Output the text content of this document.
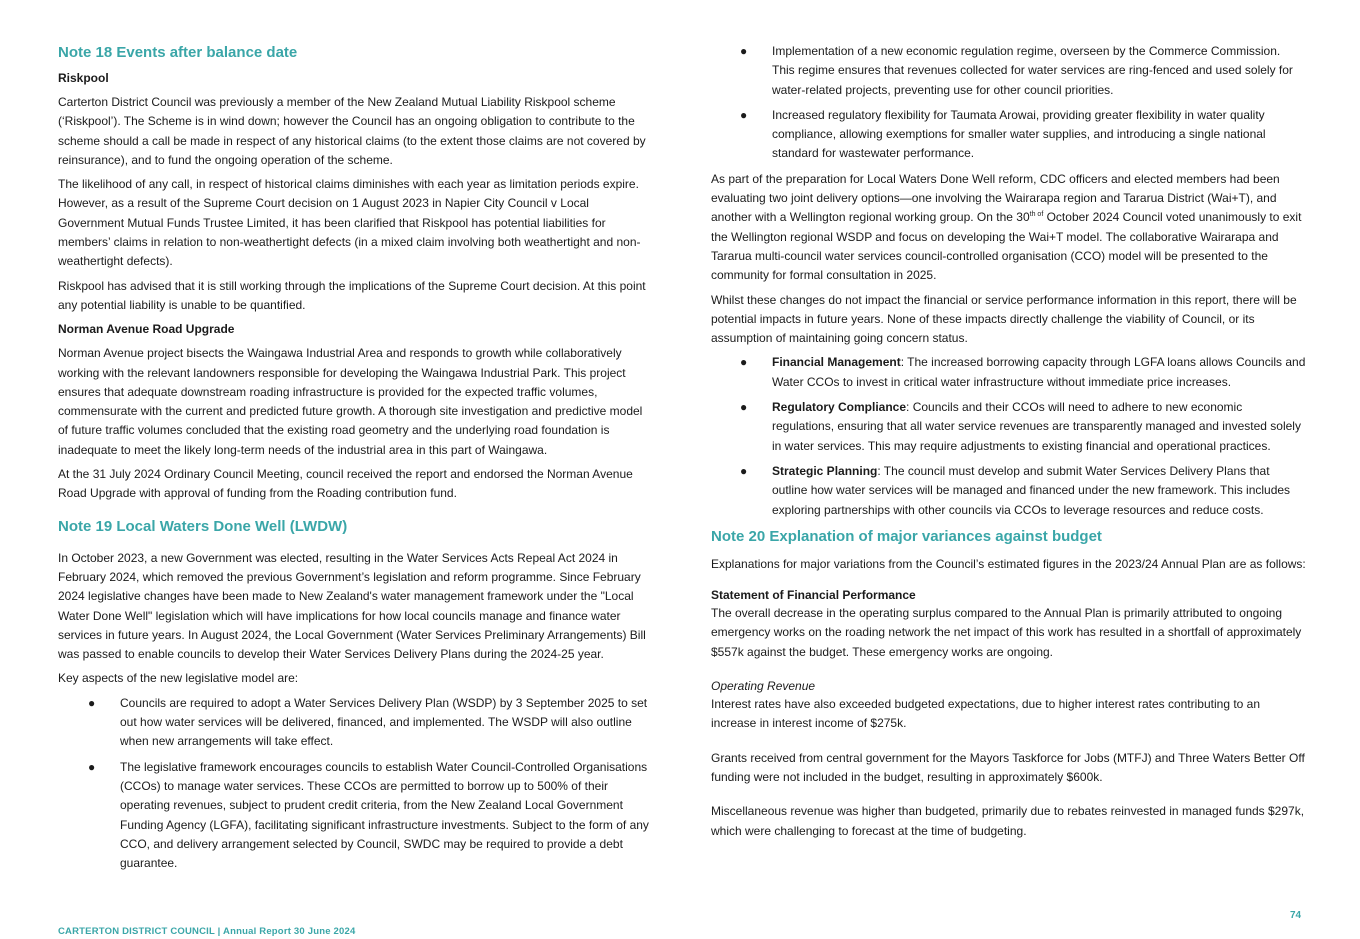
Note 18 Events after balance date
Riskpool

Carterton District Council was previously a member of the New Zealand Mutual Liability Riskpool scheme (‘Riskpool’). The Scheme is in wind down; however the Council has an ongoing obligation to contribute to the scheme should a call be made in respect of any historical claims (to the extent those claims are not covered by reinsurance), and to fund the ongoing operation of the scheme.

The likelihood of any call, in respect of historical claims diminishes with each year as limitation periods expire. However, as a result of the Supreme Court decision on 1 August 2023 in Napier City Council v Local Government Mutual Funds Trustee Limited, it has been clarified that Riskpool has potential liabilities for members’ claims in relation to non-weathertight defects (in a mixed claim involving both weathertight and non-weathertight defects).

Riskpool has advised that it is still working through the implications of the Supreme Court decision. At this point any potential liability is unable to be quantified.

Norman Avenue Road Upgrade

Norman Avenue project bisects the Waingawa Industrial Area and responds to growth while collaboratively working with the relevant landowners responsible for developing the Waingawa Industrial Park. This project ensures that adequate downstream roading infrastructure is provided for the expected traffic volumes, commensurate with the current and predicted future growth. A thorough site investigation and predictive model of future traffic volumes concluded that the existing road geometry and the underlying road foundation is inadequate to meet the likely long-term needs of the industrial area in this part of Waingawa.

At the 31 July 2024 Ordinary Council Meeting, council received the report and endorsed the Norman Avenue Road Upgrade with approval of funding from the Roading contribution fund.

Note 19 Local Waters Done Well (LWDW)

In October 2023, a new Government was elected, resulting in the Water Services Acts Repeal Act 2024 in February 2024, which removed the previous Government’s legislation and reform programme. Since February 2024 legislative changes have been made to New Zealand's water management framework under the "Local Water Done Well" legislation which will have implications for how local councils manage and finance water services in future years. In August 2024, the Local Government (Water Services Preliminary Arrangements) Bill was passed to enable councils to develop their Water Services Delivery Plans during the 2024-25 year.

Key aspects of the new legislative model are:

● Councils are required to adopt a Water Services Delivery Plan (WSDP) by 3 September 2025 to set out how water services will be delivered, financed, and implemented. The WSDP will also outline when new arrangements will take effect.
● The legislative framework encourages councils to establish Water Council-Controlled Organisations (CCOs) to manage water services. These CCOs are permitted to borrow up to 500% of their operating revenues, subject to prudent credit criteria, from the New Zealand Local Government Funding Agency (LGFA), facilitating significant infrastructure investments. Subject to the form of any CCO, and delivery arrangement selected by Council, SWDC may be required to provide a debt guarantee.
● Implementation of a new economic regulation regime, overseen by the Commerce Commission. This regime ensures that revenues collected for water services are ring-fenced and used solely for water-related projects, preventing use for other council priorities.
● Increased regulatory flexibility for Taumata Arowai, providing greater flexibility in water quality compliance, allowing exemptions for smaller water supplies, and introducing a single national standard for wastewater performance.

As part of the preparation for Local Waters Done Well reform, CDC officers and elected members had been evaluating two joint delivery options—one involving the Wairarapa region and Tararua District (Wai+T), and another with a Wellington regional working group. On the $30^{th of}$ October 2024 Council voted unanimously to exit the Wellington regional WSDP and focus on developing the Wai+T model. The collaborative Wairarapa and Tararua multi-council water services council-controlled organisation (CCO) model will be presented to the community for formal consultation in 2025.

Whilst these changes do not impact the financial or service performance information in this report, there will be potential impacts in future years. None of these impacts directly challenge the viability of Council, or its assumption of maintaining going concern status.

● Financial Management: The increased borrowing capacity through LGFA loans allows Councils and Water CCOs to invest in critical water infrastructure without immediate price increases.
● Regulatory Compliance: Councils and their CCOs will need to adhere to new economic regulations, ensuring that all water service revenues are transparently managed and invested solely in water services. This may require adjustments to existing financial and operational practices.
● Strategic Planning: The council must develop and submit Water Services Delivery Plans that outline how water services will be managed and financed under the new framework. This includes exploring partnerships with other councils via CCOs to leverage resources and reduce costs.
Note 20 Explanation of major variances against budget

Explanations for major variations from the Council’s estimated figures in the 2023/24 Annual Plan are as follows:

Statement of Financial Performance

The overall decrease in the operating surplus compared to the Annual Plan is primarily attributed to ongoing emergency works on the roading network the net impact of this work has resulted in a shortfall of approximately $557k against the budget. These emergency works are ongoing.

Operating Revenue

Interest rates have also exceeded budgeted expectations, due to higher interest rates contributing to an increase in interest income of $275k.

Grants received from central government for the Mayors Taskforce for Jobs (MTFJ) and Three Waters Better Off funding were not included in the budget, resulting in approximately $600k.

Miscellaneous revenue was higher than budgeted, primarily due to rebates reinvested in managed funds $297k, which were challenging to forecast at the time of budgeting.

74
CARTERTON DISTRICT COUNCIL | Annual Report 30 June 2024
